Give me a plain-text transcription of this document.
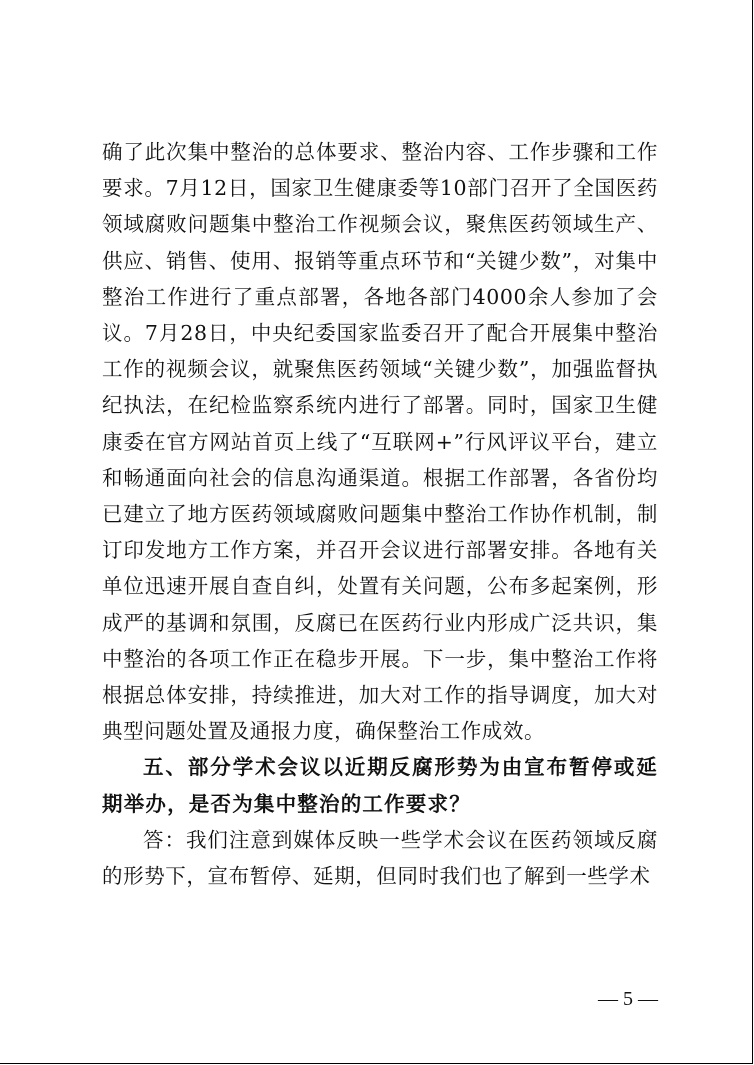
确了此次集中整治的总体要求、整治内容、工作步骤和工作要求。7月12日，国家卫生健康委等10部门召开了全国医药领域腐败问题集中整治工作视频会议，聚焦医药领域生产、供应、销售、使用、报销等重点环节和“关键少数”，对集中整治工作进行了重点部署，各地各部门4000余人参加了会议。7月28日，中央纪委国家监委召开了配合开展集中整治工作的视频会议，就聚焦医药领域“关键少数”，加强监督执纪执法，在纪检监察系统内进行了部署。同时，国家卫生健康委在官方网站首页上线了“互联网+”行风评议平台，建立和畅通面向社会的信息沟通渠道。根据工作部署，各省份均已建立了地方医药领域腐败问题集中整治工作协作机制，制订印发地方工作方案，并召开会议进行部署安排。各地有关单位迅速开展自查自纠，处置有关问题，公布多起案例，形成严的基调和氛围，反腐已在医药行业内形成广泛共识，集中整治的各项工作正在稳步开展。下一步，集中整治工作将根据总体安排，持续推进，加大对工作的指导调度，加大对典型问题处置及通报力度，确保整治工作成效。

五、部分学术会议以近期反腐形势为由宣布暂停或延期举办，是否为集中整治的工作要求？

答：我们注意到媒体反映一些学术会议在医药领域反腐的形势下，宣布暂停、延期，但同时我们也了解到一些学术

— 5 —
